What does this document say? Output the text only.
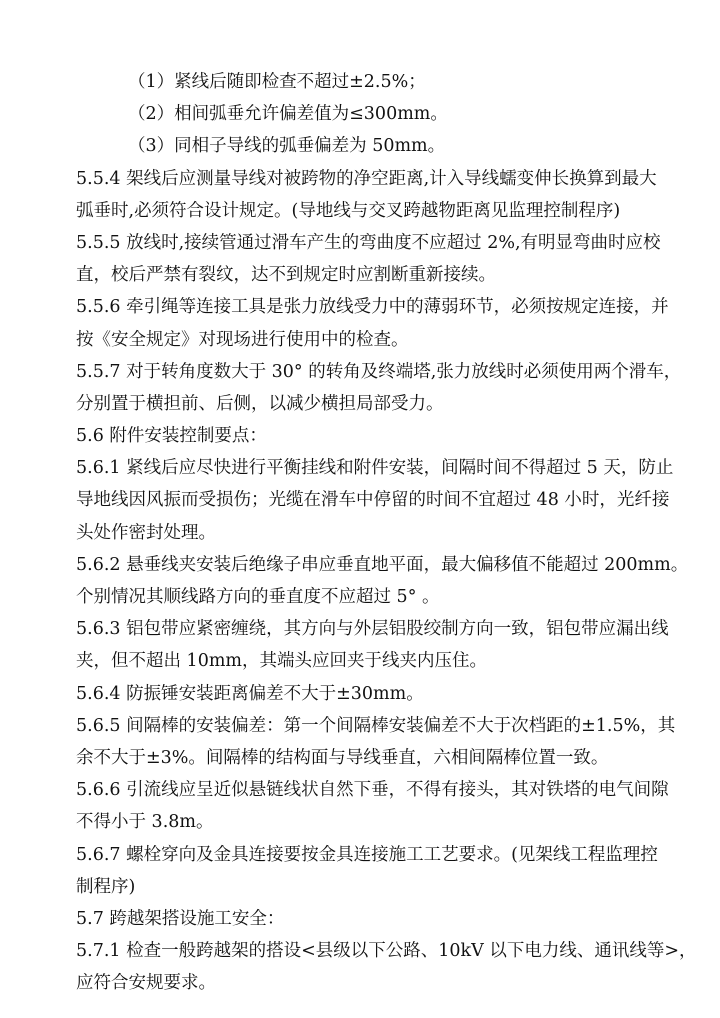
（1）紧线后随即检查不超过±2.5%；
（2）相间弧垂允许偏差值为≤300mm。
（3）同相子导线的弧垂偏差为 50mm。
5.5.4 架线后应测量导线对被跨物的净空距离,计入导线蠕变伸长换算到最大
弧垂时,必须符合设计规定。(导地线与交叉跨越物距离见监理控制程序)
5.5.5 放线时,接续管通过滑车产生的弯曲度不应超过 2%,有明显弯曲时应校
直，校后严禁有裂纹，达不到规定时应割断重新接续。
5.5.6 牵引绳等连接工具是张力放线受力中的薄弱环节，必须按规定连接，并
按《安全规定》对现场进行使用中的检查。
5.5.7 对于转角度数大于 30° 的转角及终端塔,张力放线时必须使用两个滑车，
分别置于横担前、后侧，以减少横担局部受力。
5.6 附件安装控制要点：
5.6.1 紧线后应尽快进行平衡挂线和附件安装，间隔时间不得超过 5 天，防止
导地线因风振而受损伤；光缆在滑车中停留的时间不宜超过 48 小时，光纤接
头处作密封处理。
5.6.2 悬垂线夹安装后绝缘子串应垂直地平面，最大偏移值不能超过 200mm。
个别情况其顺线路方向的垂直度不应超过 5° 。
5.6.3 铝包带应紧密缠绕，其方向与外层铝股绞制方向一致，铝包带应漏出线
夹，但不超出 10mm，其端头应回夹于线夹内压住。
5.6.4 防振锤安装距离偏差不大于±30mm。
5.6.5 间隔棒的安装偏差：第一个间隔棒安装偏差不大于次档距的±1.5%，其
余不大于±3%。间隔棒的结构面与导线垂直，六相间隔棒位置一致。
5.6.6 引流线应呈近似悬链线状自然下垂，不得有接头，其对铁塔的电气间隙
不得小于 3.8m。
5.6.7 螺栓穿向及金具连接要按金具连接施工工艺要求。(见架线工程监理控
制程序)
5.7 跨越架搭设施工安全：
5.7.1 检查一般跨越架的搭设<县级以下公路、10kV 以下电力线、通讯线等>，
应符合安规要求。
